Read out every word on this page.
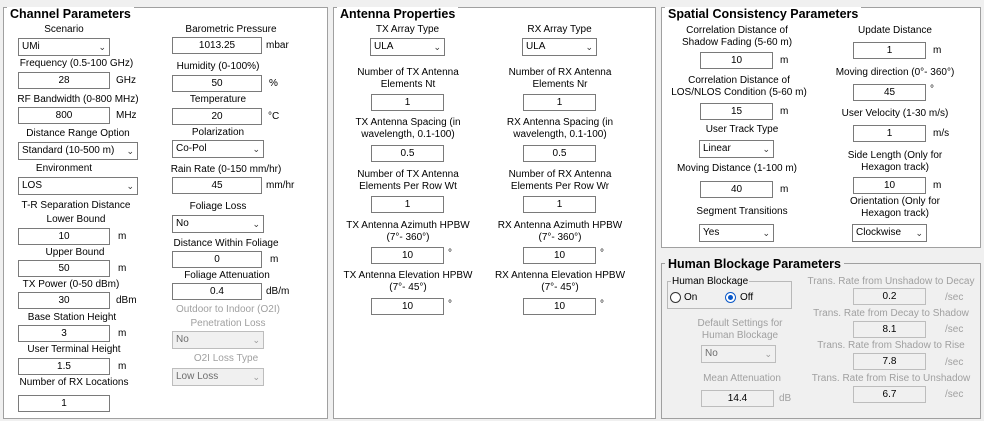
Channel Parameters
Scenario
UMi	⌄
Frequency (0.5-100 GHz)
28	GHz
RF Bandwidth (0-800 MHz)
800	MHz
Distance Range Option
Standard (10-500 m) ⌄
Environment
LOS	⌄
T-R Separation Distance
Lower Bound
10	m
Upper Bound
50	m
TX Power (0-50 dBm)
30	dBm
Base Station Height
3	m
User Terminal Height
1.5	m
Number of RX Locations
1
Barometric Pressure
1013.25	mbar
Humidity (0-100%)
50	%
Temperature
20	°C
Polarization
Co-Pol	⌄
Rain Rate (0-150 mm/hr)
45	mm/hr
Foliage Loss
No	⌄
Distance Within Foliage
0	m
Foliage Attenuation
0.4	dB/m
Outdoor to Indoor (O2I)
Penetration Loss
No	⌄
O2I Loss Type
Low Loss	⌄
Antenna Properties
TX Array Type
ULA	⌄
RX Array Type
ULA	⌄
Number of TX Antenna
Elements Nt
1
Number of RX Antenna
Elements Nr
1
TX Antenna Spacing (in
wavelength, 0.1-100)
0.5
RX Antenna Spacing (in
wavelength, 0.1-100)
0.5
Number of TX Antenna
Elements Per Row Wt
1
Number of RX Antenna
Elements Per Row Wr
1
TX Antenna Azimuth HPBW
(7°- 360°)
10	°
RX Antenna Azimuth HPBW
(7°- 360°)
10	°
TX Antenna Elevation HPBW
(7°- 45°)
10	°
RX Antenna Elevation HPBW
(7°- 45°)
10	°
Spatial Consistency Parameters
Correlation Distance of
Shadow Fading (5-60 m)
10	m
Correlation Distance of
LOS/NLOS Condition (5-60 m)
15	m
User Track Type
Linear	⌄
Moving Distance (1-100 m)
40	m
Segment Transitions
Yes	⌄
Update Distance
1	m
Moving direction (0°- 360°)
45	°
User Velocity (1-30 m/s)
1	m/s
Side Length (Only for
Hexagon track)
10	m
Orientation (Only for
Hexagon track)
Clockwise ⌄
Human Blockage Parameters
Human Blockage
On	Off
Default Settings for
Human Blockage
No	⌄
Mean Attenuation
14.4	dB
Trans. Rate from Unshadow to Decay
0.2	/sec
Trans. Rate from Decay to Shadow
8.1	/sec
Trans. Rate from Shadow to Rise
7.8	/sec
Trans. Rate from Rise to Unshadow
6.7	/sec
